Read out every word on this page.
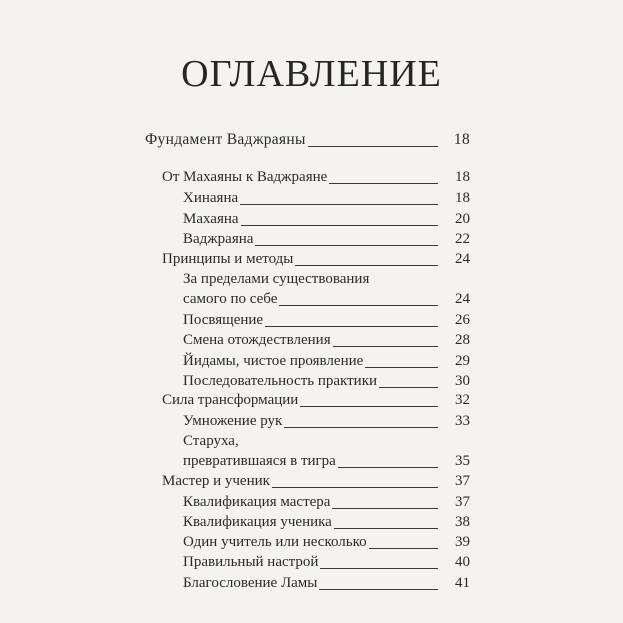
ОГЛАВЛЕНИЕ
Фундамент Ваджраяны	18
От Махаяны к Ваджраяне	18
Хинаяна	18
Махаяна	20
Ваджраяна	22
Принципы и методы	24
За пределами существования
самого по себе	24
Посвящение	26
Смена отождествления	28
Йидамы, чистое проявление	29
Последовательность практики	30
Сила трансформации	32
Умножение рук	33
Старуха,
превратившаяся в тигра	35
Мастер и ученик	37
Квалификация мастера	37
Квалификация ученика	38
Один учитель или несколько	39
Правильный настрой	40
Благословение Ламы	41
